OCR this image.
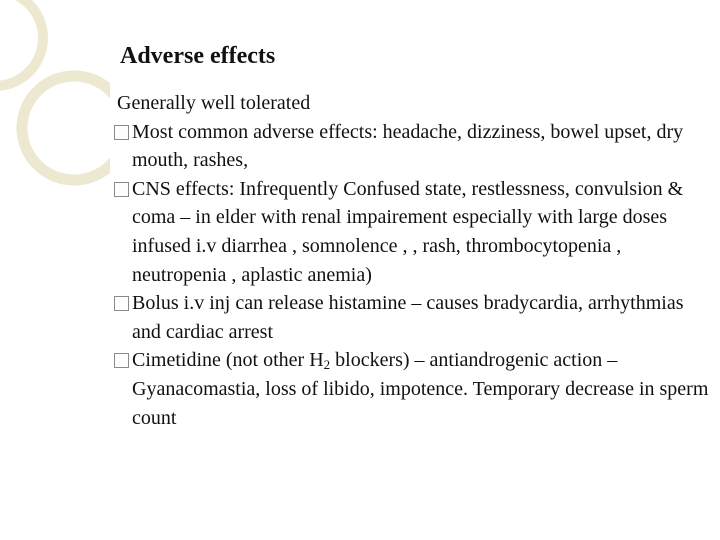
Adverse effects

Generally well tolerated

Most common adverse effects: headache, dizziness, bowel upset, dry mouth, rashes,
CNS effects: Infrequently Confused state, restlessness, convulsion & coma – in elder with renal impairement especially with large doses infused i.v diarrhea , somnolence , , rash, thrombocytopenia , neutropenia , aplastic anemia)
Bolus i.v inj can release histamine – causes bradycardia, arrhythmias and cardiac arrest
Cimetidine (not other $H_2$ blockers) – antiandrogenic action – Gyanacomastia, loss of libido, impotence. Temporary decrease in sperm count
